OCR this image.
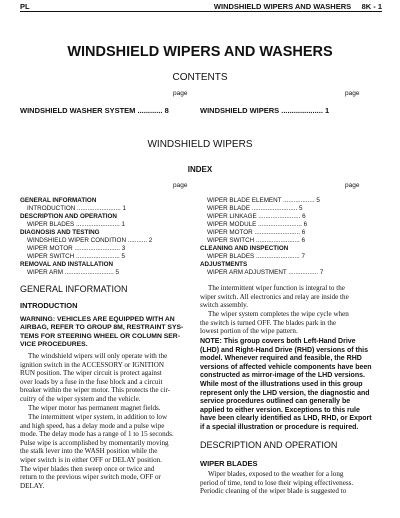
PL	WINDSHIELD WIPERS AND WASHERS     8K - 1
WINDSHIELD WIPERS AND WASHERS
CONTENTS
page	page
WINDSHIELD WASHER SYSTEM ............ 8	WINDSHIELD WIPERS .................... 1
WINDSHIELD WIPERS
INDEX
page	page
GENERAL INFORMATION
INTRODUCTION ......................... 1
DESCRIPTION AND OPERATION
WIPER BLADES ......................... 1
DIAGNOSIS AND TESTING
WINDSHIELD WIPER CONDITION ........... 2
WIPER MOTOR .......................... 3
WIPER SWITCH ......................... 5
REMOVAL AND INSTALLATION
WIPER ARM ............................ 5
WIPER BLADE ELEMENT .................. 5
WIPER BLADE .......................... 5
WIPER LINKAGE ........................ 6
WIPER MODULE ......................... 6
WIPER MOTOR .......................... 6
WIPER SWITCH ......................... 6
CLEANING AND INSPECTION
WIPER BLADES ......................... 7
ADJUSTMENTS
WIPER ARM ADJUSTMENT ................. 7
GENERAL INFORMATION
INTRODUCTION
WARNING: VEHICLES ARE EQUIPPED WITH AN
AIRBAG, REFER TO GROUP 8M, RESTRAINT SYS-
TEMS FOR STEERING WHEEL OR COLUMN SER-
VICE PROCEDURES.
The windshield wipers will only operate with the
ignition switch in the ACCESSORY or IGNITION
RUN position. The wiper circuit is protect against
over loads by a fuse in the fuse block and a circuit
breaker within the wiper motor. This protects the cir-
cuitry of the wiper system and the vehicle.
The wiper motor has permanent magnet fields.
The intermittent wiper system, in addition to low
and high speed, has a delay mode and a pulse wipe
mode. The delay mode has a range of 1 to 15 seconds.
Pulse wipe is accomplished by momentarily moving
the stalk lever into the WASH position while the
wiper switch is in either OFF or DELAY position.
The wiper blades then sweep once or twice and
return to the previous wiper switch mode, OFF or
DELAY.
The intermittent wiper function is integral to the
wiper switch. All electronics and relay are inside the
switch assembly.
The wiper system completes the wipe cycle when
the switch is turned OFF. The blades park in the
lowest portion of the wipe pattern.
NOTE: This group covers both Left-Hand Drive
(LHD) and Right-Hand Drive (RHD) versions of this
model. Whenever required and feasible, the RHD
versions of affected vehicle components have been
constructed as mirror-image of the LHD versions.
While most of the illustrations used in this group
represent only the LHD version, the diagnostic and
service procedures outlined can generally be
applied to either version. Exceptions to this rule
have been clearly identified as LHD, RHD, or Export
if a special illustration or procedure is required.
DESCRIPTION AND OPERATION
WIPER BLADES
Wiper blades, exposed to the weather for a long
period of time, tend to lose their wiping effectiveness.
Periodic cleaning of the wiper blade is suggested to
